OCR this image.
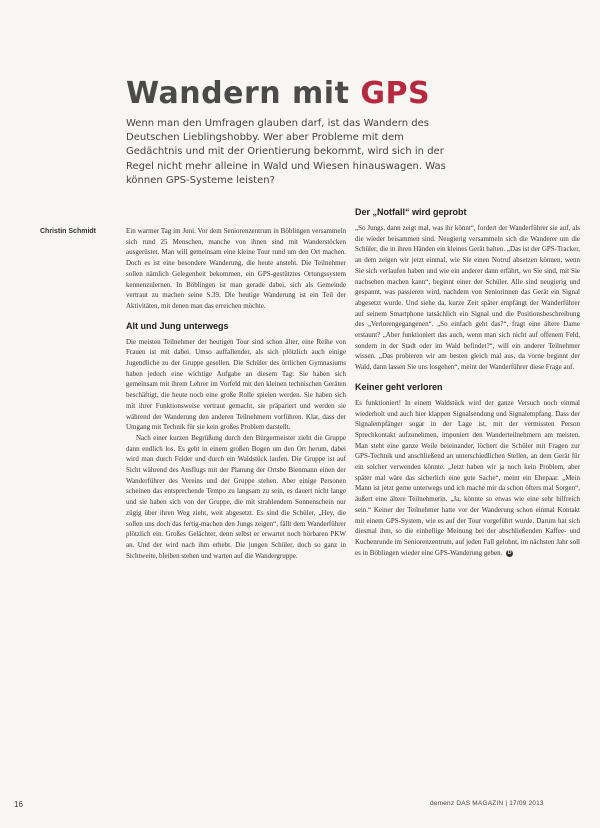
Wandern mit GPS

Wenn man den Umfragen glauben darf, ist das Wandern des Deutschen Lieblingshobby. Wer aber Probleme mit dem Gedächtnis und mit der Orientierung bekommt, wird sich in der Regel nicht mehr alleine in Wald und Wiesen hinauswagen. Was können GPS-Systeme leisten?

Christin Schmidt	Ein warmer Tag im Juni. Vor dem Seniorenzentrum in Böblingen versammeln sich rund 25 Menschen, manche von ihnen sind mit Wanderstöcken ausgerüstet. Man will gemeinsam eine kleine Tour rund um den Ort machen. Doch es ist eine besondere Wanderung, die heute ansteht. Die Teilnehmer sollen nämlich Gelegenheit bekommen, ein GPS-gestütztes Ortungssystem kennenzulernen. In Böblingen ist man gerade dabei, sich als Gemeinde vertraut zu machen seine S.39. Die heutige Wanderung ist ein Teil der Aktivitäten, mit denen man das erreichen möchte.

Alt und Jung unterwegs

Die meisten Teilnehmer der heutigen Tour sind schon älter, eine Reihe von Frauen ist mit dabei. Umso auffallender, als sich plötzlich auch einige Jugendliche zu der Gruppe gesellen. Die Schüler des örtlichen Gymnasiums haben jedoch eine wichtige Aufgabe an diesem Tag: Sie haben sich gemeinsam mit ihrem Lehrer im Vorfeld mit den kleinen technischen Geräten beschäftigt, die heute noch eine große Rolle spielen werden. Sie haben sich mit ihrer Funktionsweise vertraut gemacht, sie präpariert und werden sie während der Wanderung den anderen Teilnehmern vorführen. Klar, dass der Umgang mit Technik für sie kein großes Problem darstellt.

Nach einer kurzen Begrüßung durch den Bürgermeister zieht die Gruppe dann endlich los. Es geht in einem großen Bogen um den Ort herum, dabei wird man durch Felder und durch ein Waldstück laufen. Die Gruppe ist auf Sicht während des Ausflugs mit der Planung der Ortsbe Bienmann einen der Wanderführer des Vereins und der Gruppe stehen. Aber einige Personen scheinen das entsprechende Tempo zu langsam zu sein, es dauert nicht lange und sie haben sich von der Gruppe, die mit strahlendem Sonnenschein nur zügig über ihren Weg zieht, weit abgesetzt. Es sind die Schüler, „Hey, die sollen uns doch das fertig-machen den Jungs zeigen“, fällt dem Wanderführer plötzlich ein. Großes Gelächter, denn selbst er erwartet noch hörbaren PKW an. Und der wird nach ihm erhebt. Die jungen Schüler, doch so ganz in Sichtweite, bleiben stehen und warten auf die Wandergruppe.

Der „Notfall“ wird geprobt

„So Jungs, dann zeigt mal, was ihr könnt“, fordert der Wanderführer sie auf, als die wieder beisammen sind. Neugierig versammeln sich die Wanderer um die Schüler, die in ihren Händen ein kleines Gerät halten. „Das ist der GPS-Tracker, an dem zeigen wir jetzt einmal, wie Sie einen Notruf absetzen können, wenn Sie sich verlaufen haben und wie ein anderer dann erfährt, wo Sie sind, mit Sie nachsehen machen kann“, beginnt einer der Schüler. Alle sind neugierig und gespannt, was passieren wird, nachdem von Seniorinnen das Gerät ein Signal abgesetzt wurde. Und siehe da, kurze Zeit später empfängt der Wanderführer auf seinem Smartphone tatsächlich ein Signal und die Positionsbeschreibung des „Verlorengegangenen“. „So einfach geht das?“, fragt eine ältere Dame erstaunt? „Aber funktioniert das auch, wenn man sich nicht auf offenem Feld, sondern in der Stadt oder im Wald befindet?“, will ein anderer Teilnehmer wissen. „Das probieren wir am besten gleich mal aus, da vorne beginnt der Wald, dann lassen Sie uns losgehen“, meint der Wanderführer diese Frage auf.

Keiner geht verloren

Es funktioniert! In einem Waldstück wird der ganze Versuch noch einmal wiederholt und auch hier klappen Signalsendung und Signalempfang. Dass der Signalempfänger sogar in der Lage ist, mit der vermissten Person Sprechkontakt aufzunehmen, imponiert den Wanderteilnehmern am meisten. Man steht eine ganze Weile beieinander, löchert die Schüler mit Fragen zur GPS-Technik und anschließend an unterschiedlichen Stellen, an dem Gerät für ein solcher verwenden könnte. „Jetzt haben wir ja noch kein Problem, aber später mal wäre das sicherlich eine gute Sache“, meint ein Ehepaar. „Mein Mann ist jetzt gerne unterwegs und ich mache mir da schon öfters mal Sorgen“, äußert eine ältere Teilnehmerin. „Ja, könnte so etwas wie eine sehr hilfreich sein.“ Keiner der Teilnehmer hatte vor der Wanderung schon einmal Kontakt mit einem GPS-System, wie es auf der Tour vorgeführt wurde. Darum hat sich diesmal ihm, so die einhellige Meinung bei der abschließenden Kaffee- und Kuchenrunde im Seniorenzentrum, auf jeden Fall gelohnt, im nächsten Jahr soll es in Böblingen wieder eine GPS-Wanderung geben. D

16	demenz DAS MAGAZIN | 17/09 2013
